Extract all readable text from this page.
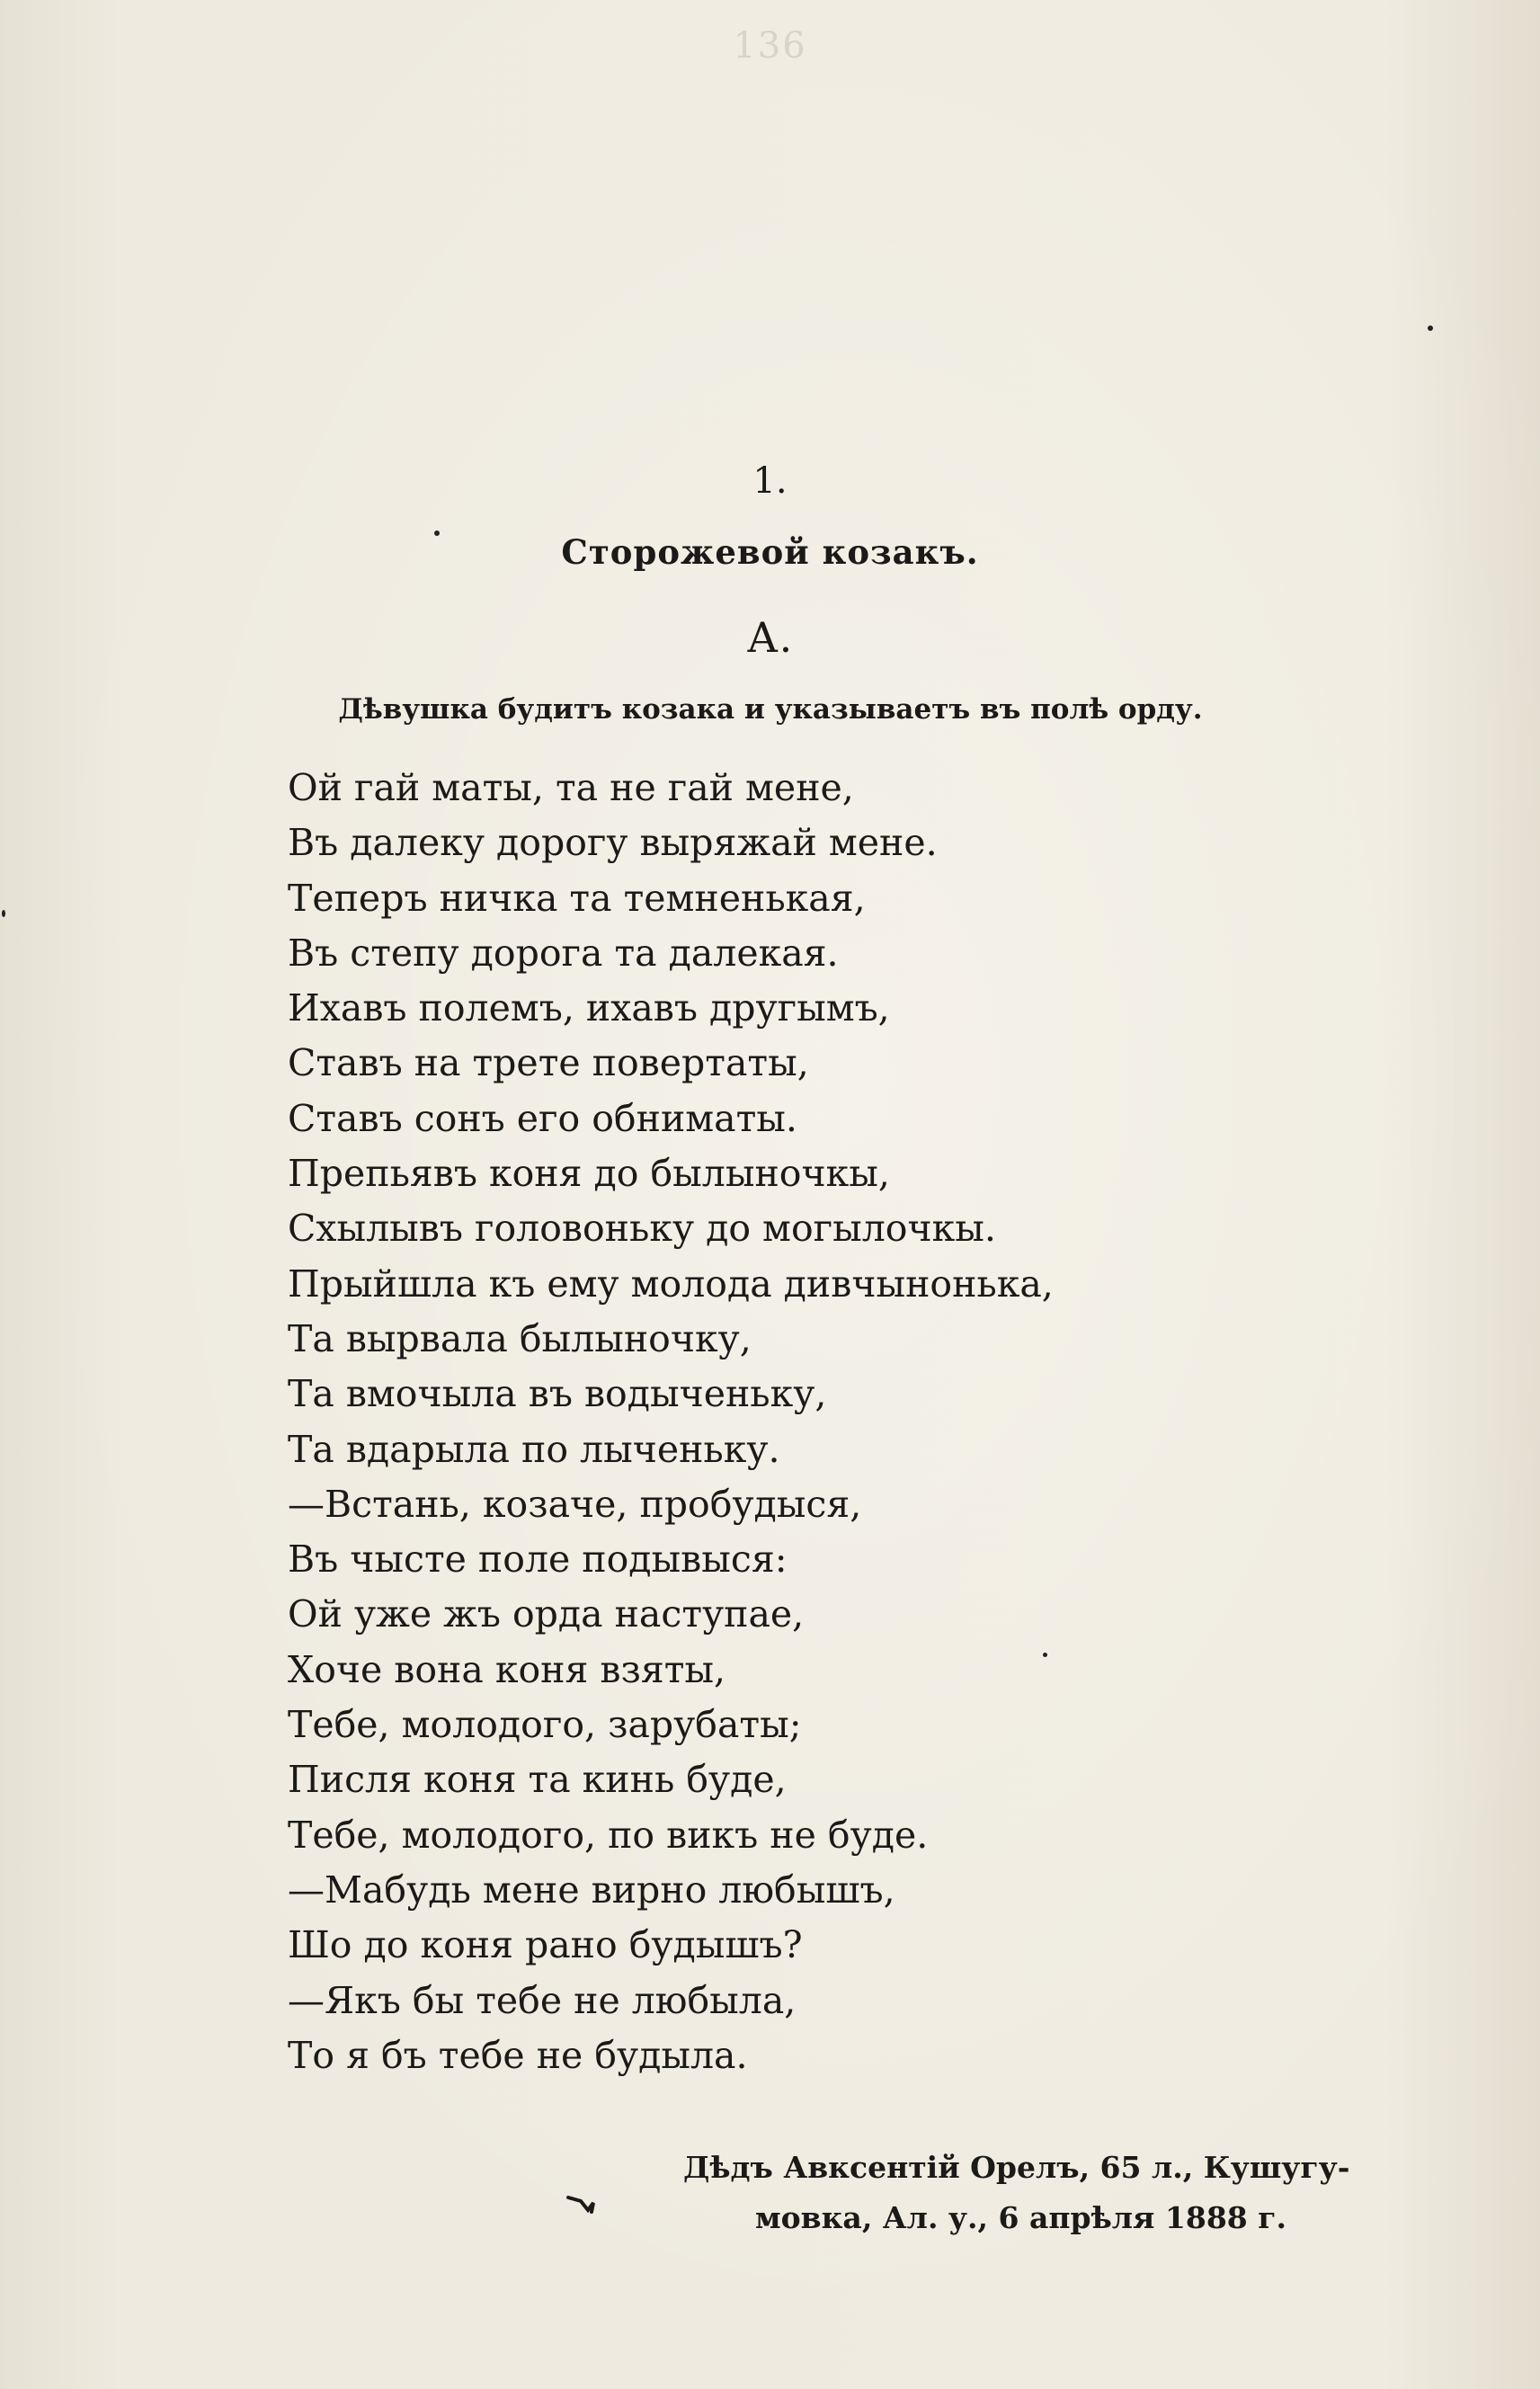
136
1.
Сторожевой козакъ.
А.
Дѣвушка будитъ козака и указываетъ въ полѣ орду.
Ой гай маты, та не гай мене,
Въ далеку дорогу выряжай мене.
Теперъ ничка та темненькая,
Въ степу дорога та далекая.
Ихавъ полемъ, ихавъ другымъ,
Ставъ на трете повертаты,
Ставъ сонъ его обниматы.
Препьявъ коня до былыночкы,
Схылывъ головоньку до могылочкы.
Прыйшла къ ему молода дивчынонька,
Та вырвала былыночку,
Та вмочыла въ водыченьку,
Та вдарыла по лыченьку.
—Встань, козаче, пробудыся,
Въ чысте поле подывыся:
Ой уже жъ орда наступае,
Хоче вона коня взяты,
Тебе, молодого, зарубаты;
Писля коня та кинь буде,
Тебе, молодого, по викъ не буде.
—Мабудь мене вирно любышъ,
Шо до коня рано будышъ?
—Якъ бы тебе не любыла,
То я бъ тебе не будыла.
Дѣдъ Авксентій Орелъ, 65 л., Кушугу-
мовка, Ал. у., 6 апрѣля 1888 г.
